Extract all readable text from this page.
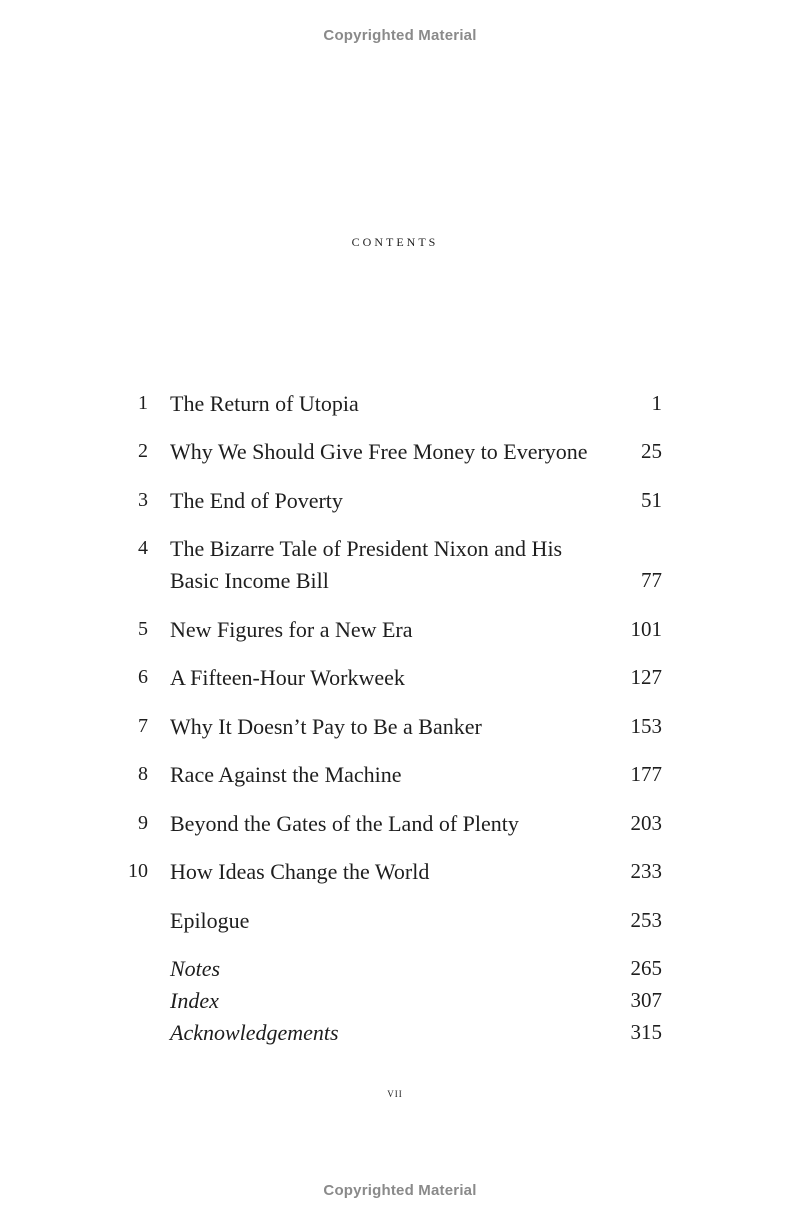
Copyrighted Material
contents
1 The Return of Utopia	1
2 Why We Should Give Free Money to Everyone	25
3 The End of Poverty	51
4 The Bizarre Tale of President Nixon and His
Basic Income Bill	77
5 New Figures for a New Era	101
6 A Fifteen-Hour Workweek	127
7 Why It Doesn’t Pay to Be a Banker	153
8 Race Against the Machine	177
9 Beyond the Gates of the Land of Plenty	203
10 How Ideas Change the World	233
Epilogue	253
Notes	265
Index	307
Acknowledgements	315
vii
Copyrighted Material
